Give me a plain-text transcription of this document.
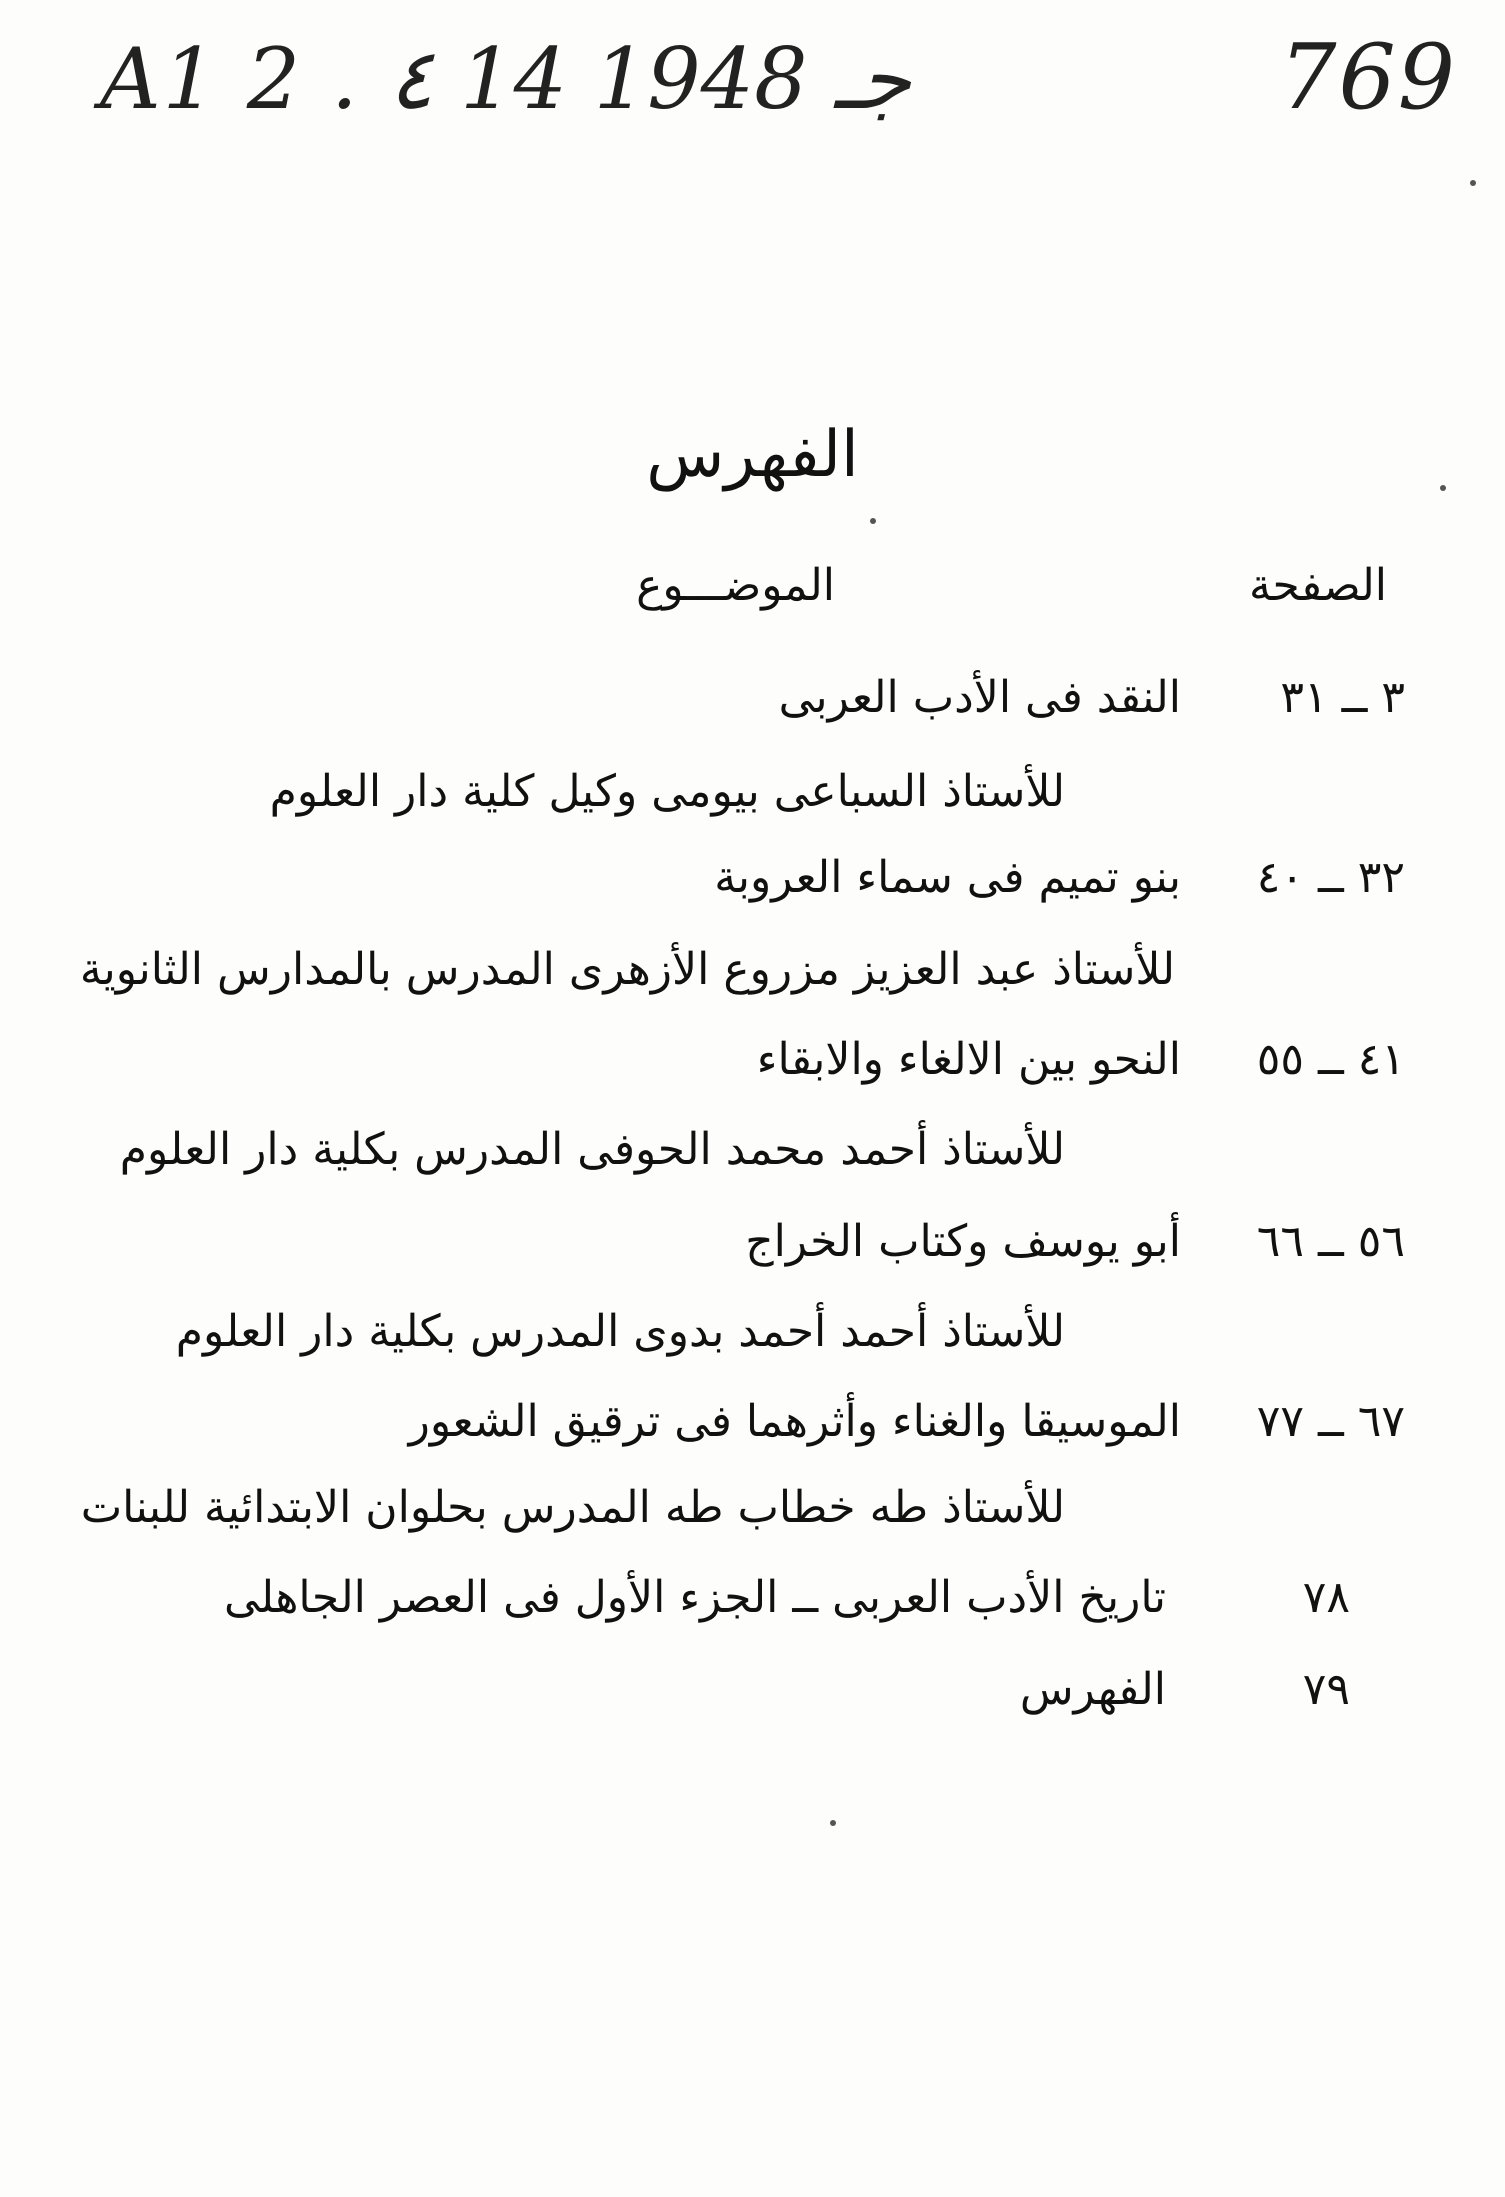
A1 2 . ٤ 14 جـ 1948	769
الفهرس
الصفحة
الموضـــوع
٣ ــ ٣١النقد فى الأدب العربى
للأستاذ السباعى بيومى وكيل كلية دار العلوم
٣٢ ــ ٤٠بنو تميم فى سماء العروبة
للأستاذ عبد العزيز مزروع الأزهرى المدرس بالمدارس الثانوية
٤١ ــ ٥٥النحو بين الالغاء والابقاء
للأستاذ أحمد محمد الحوفى المدرس بكلية دار العلوم
٥٦ ــ ٦٦أبو يوسف وكتاب الخراج
للأستاذ أحمد أحمد بدوى المدرس بكلية دار العلوم
٦٧ ــ ٧٧الموسيقا والغناء وأثرهما فى ترقيق الشعور
للأستاذ طه خطاب طه المدرس بحلوان الابتدائية للبنات
٧٨تاريخ الأدب العربى ــ الجزء الأول فى العصر الجاهلى
٧٩الفهرس
